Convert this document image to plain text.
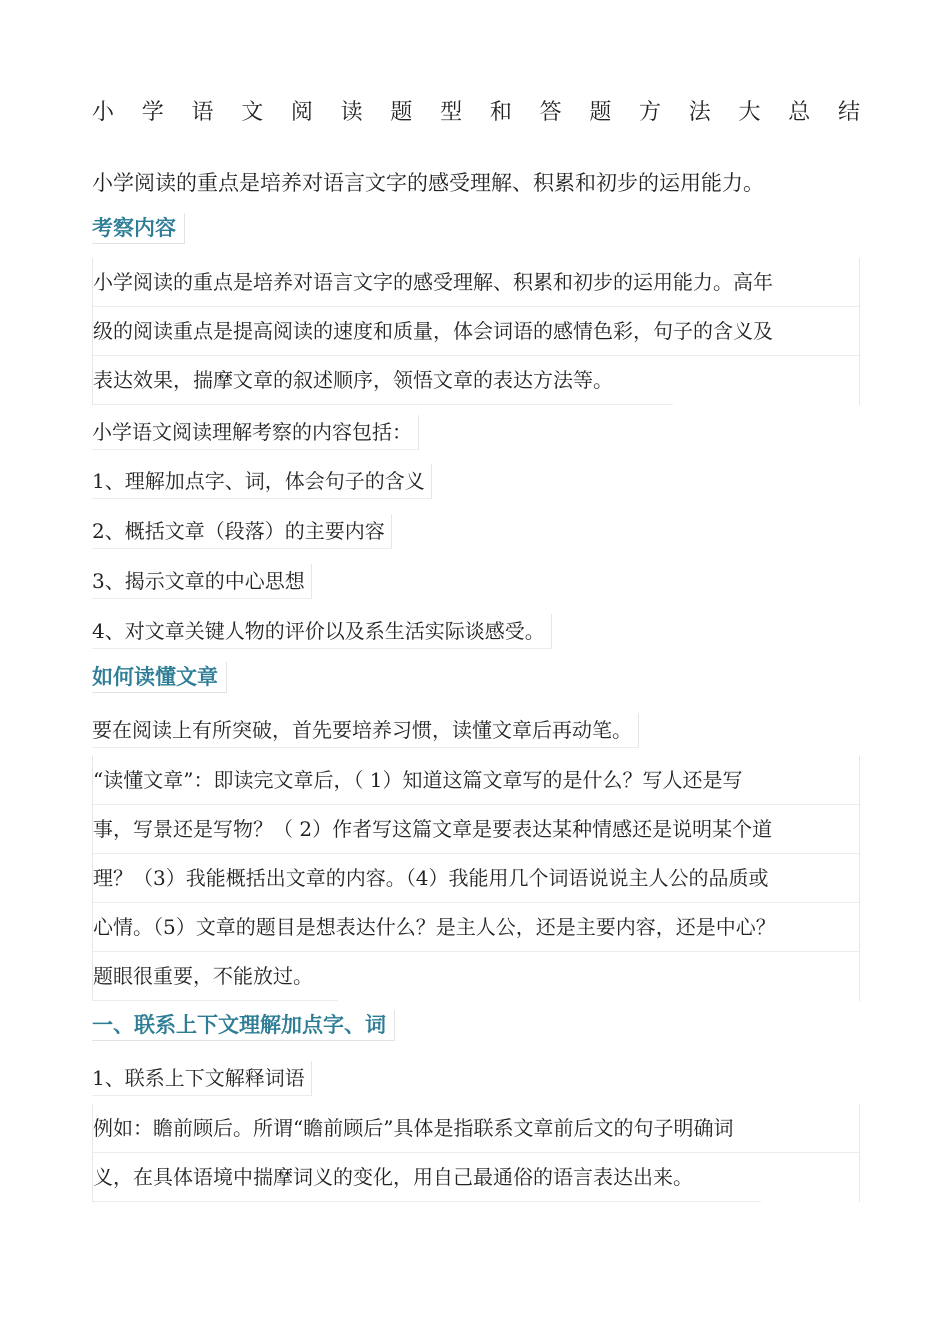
小 学 语 文 阅 读 题 型 和 答 题 方 法 大 总 结
小学阅读的重点是培养对语言文字的感受理解、积累和初步的运用能力。
考察内容
小学阅读的重点是培养对语言文字的感受理解、积累和初步的运用能力。高年
级的阅读重点是提高阅读的速度和质量，体会词语的感情色彩，句子的含义及
表达效果，揣摩文章的叙述顺序，领悟文章的表达方法等。
小学语文阅读理解考察的内容包括：
1、理解加点字、词，体会句子的含义
2、概括文章（段落）的主要内容
3、揭示文章的中心思想
4、对文章关键人物的评价以及系生活实际谈感受。
如何读懂文章
要在阅读上有所突破，首先要培养习惯，读懂文章后再动笔。
“读懂文章”：即读完文章后，（ 1）知道这篇文章写的是什么？写人还是写
事，写景还是写物？（ 2）作者写这篇文章是要表达某种情感还是说明某个道
理？（3）我能概括出文章的内容。（4）我能用几个词语说说主人公的品质或
心情。（5）文章的题目是想表达什么？是主人公，还是主要内容，还是中心？
题眼很重要，不能放过。
一、联系上下文理解加点字、词
1、联系上下文解释词语
例如：瞻前顾后。所谓“瞻前顾后”具体是指联系文章前后文的句子明确词
义，在具体语境中揣摩词义的变化，用自己最通俗的语言表达出来。
